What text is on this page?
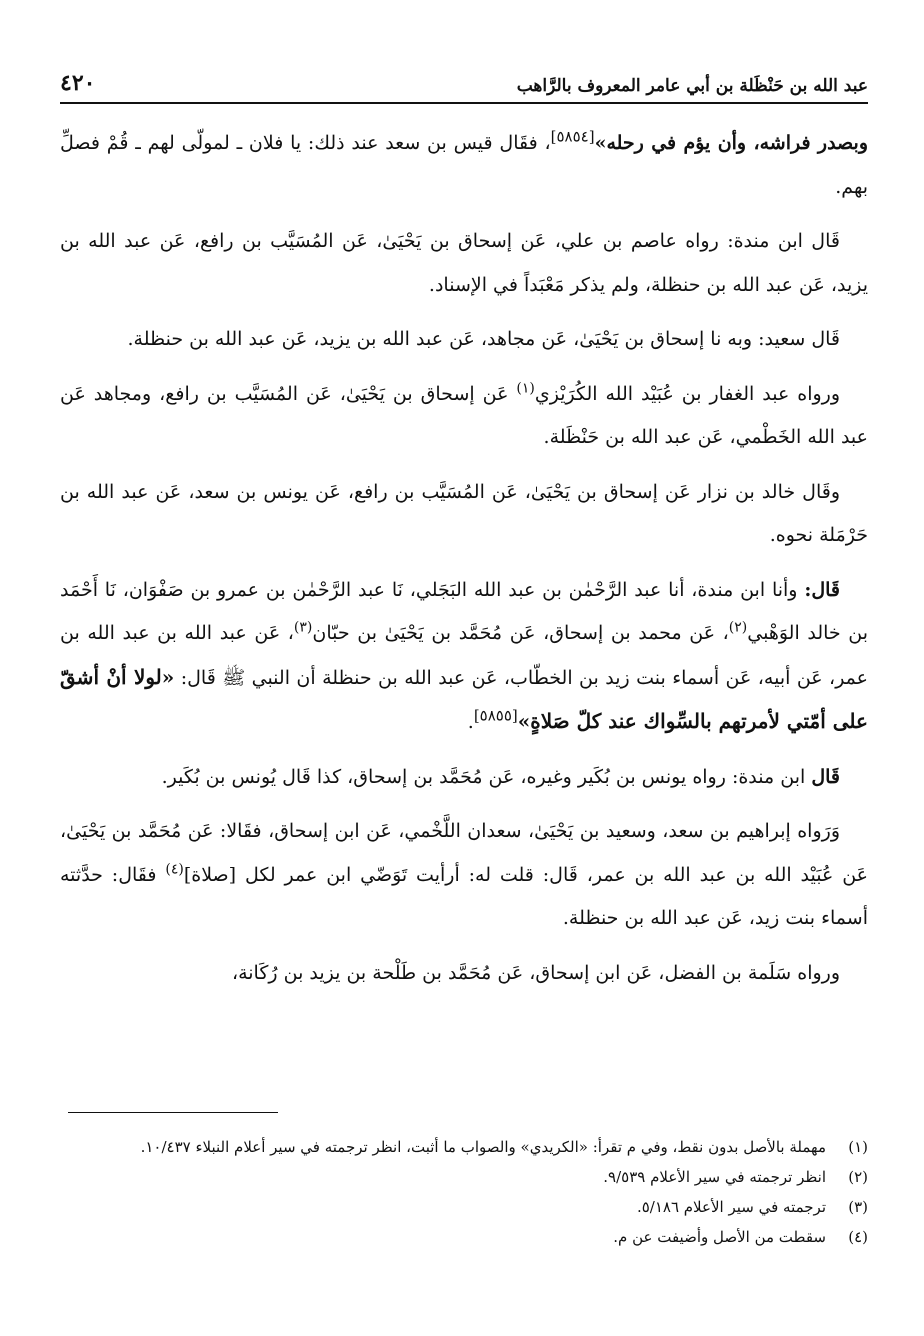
عبد الله بن حَنْظَلة بن أبي عامر المعروف بالرَّاهب
٤٢٠

وبصدر فراشه، وأن يؤم في رحله»[٥٨٥٤]، فقَال قيس بن سعد عند ذلك: يا فلان ـ لمولّى لهم ـ قُمْ فصلِّ بهم.

قَال ابن مندة: رواه عاصم بن علي، عَن إسحاق بن يَحْيَىٰ، عَن المُسَيَّب بن رافع، عَن عبد الله بن يزيد، عَن عبد الله بن حنظلة، ولم يذكر مَعْبَداً في الإسناد.

قَال سعيد: وبه نا إسحاق بن يَحْيَىٰ، عَن مجاهد، عَن عبد الله بن يزيد، عَن عبد الله بن حنظلة.

ورواه عبد الغفار بن عُبَيْد الله الكُرَيْزي$^{(١)}$ عَن إسحاق بن يَحْيَىٰ، عَن المُسَيَّب بن رافع، ومجاهد عَن عبد الله الخَطْمي، عَن عبد الله بن حَنْظَلة.

وقَال خالد بن نزار عَن إسحاق بن يَحْيَىٰ، عَن المُسَيَّب بن رافع، عَن يونس بن سعد، عَن عبد الله بن حَرْمَلة نحوه.

قَال: وأنا ابن مندة، أنا عبد الرَّحْمٰن بن عبد الله البَجَلي، نَا عبد الرَّحْمٰن بن عمرو بن صَفْوَان، نَا أَحْمَد بن خالد الوَهْبي$^{(٢)}$، عَن محمد بن إسحاق، عَن مُحَمَّد بن يَحْيَىٰ بن حبّان$^{(٣)}$، عَن عبد الله بن عبد الله بن عمر، عَن أبيه، عَن أسماء بنت زيد بن الخطّاب، عَن عبد الله بن حنظلة أن النبي ﷺ قَال: «لولا أنْ أشقّ على أمّتي لأمرتهم بالسِّواك عند كلّ صَلاةٍ»[٥٨٥٥].

قَال ابن مندة: رواه يونس بن بُكَير وغيره، عَن مُحَمَّد بن إسحاق، كذا قَال يُونس بن بُكَير.

وَرَواه إبراهيم بن سعد، وسعيد بن يَحْيَىٰ، سعدان اللَّخْمي، عَن ابن إسحاق، فقَالا: عَن مُحَمَّد بن يَحْيَىٰ، عَن عُبَيْد الله بن عبد الله بن عمر، قَال: قلت له: أرأيت تَوَضّي ابن عمر لكل [صلاة]$^{(٤)}$ فقَال: حدَّثته أسماء بنت زيد، عَن عبد الله بن حنظلة.

ورواه سَلَمة بن الفضل، عَن ابن إسحاق، عَن مُحَمَّد بن طَلْحة بن يزيد بن رُكَانة،

(١)
مهملة بالأصل بدون نقط، وفي م تقرأ: «الكريدي» والصواب ما أثبت، انظر ترجمته في سير أعلام النبلاء ١٠/٤٣٧.
(٢)
انظر ترجمته في سير الأعلام ٩/٥٣٩.
(٣)
ترجمته في سير الأعلام ٥/١٨٦.
(٤)
سقطت من الأصل وأضيفت عن م.
